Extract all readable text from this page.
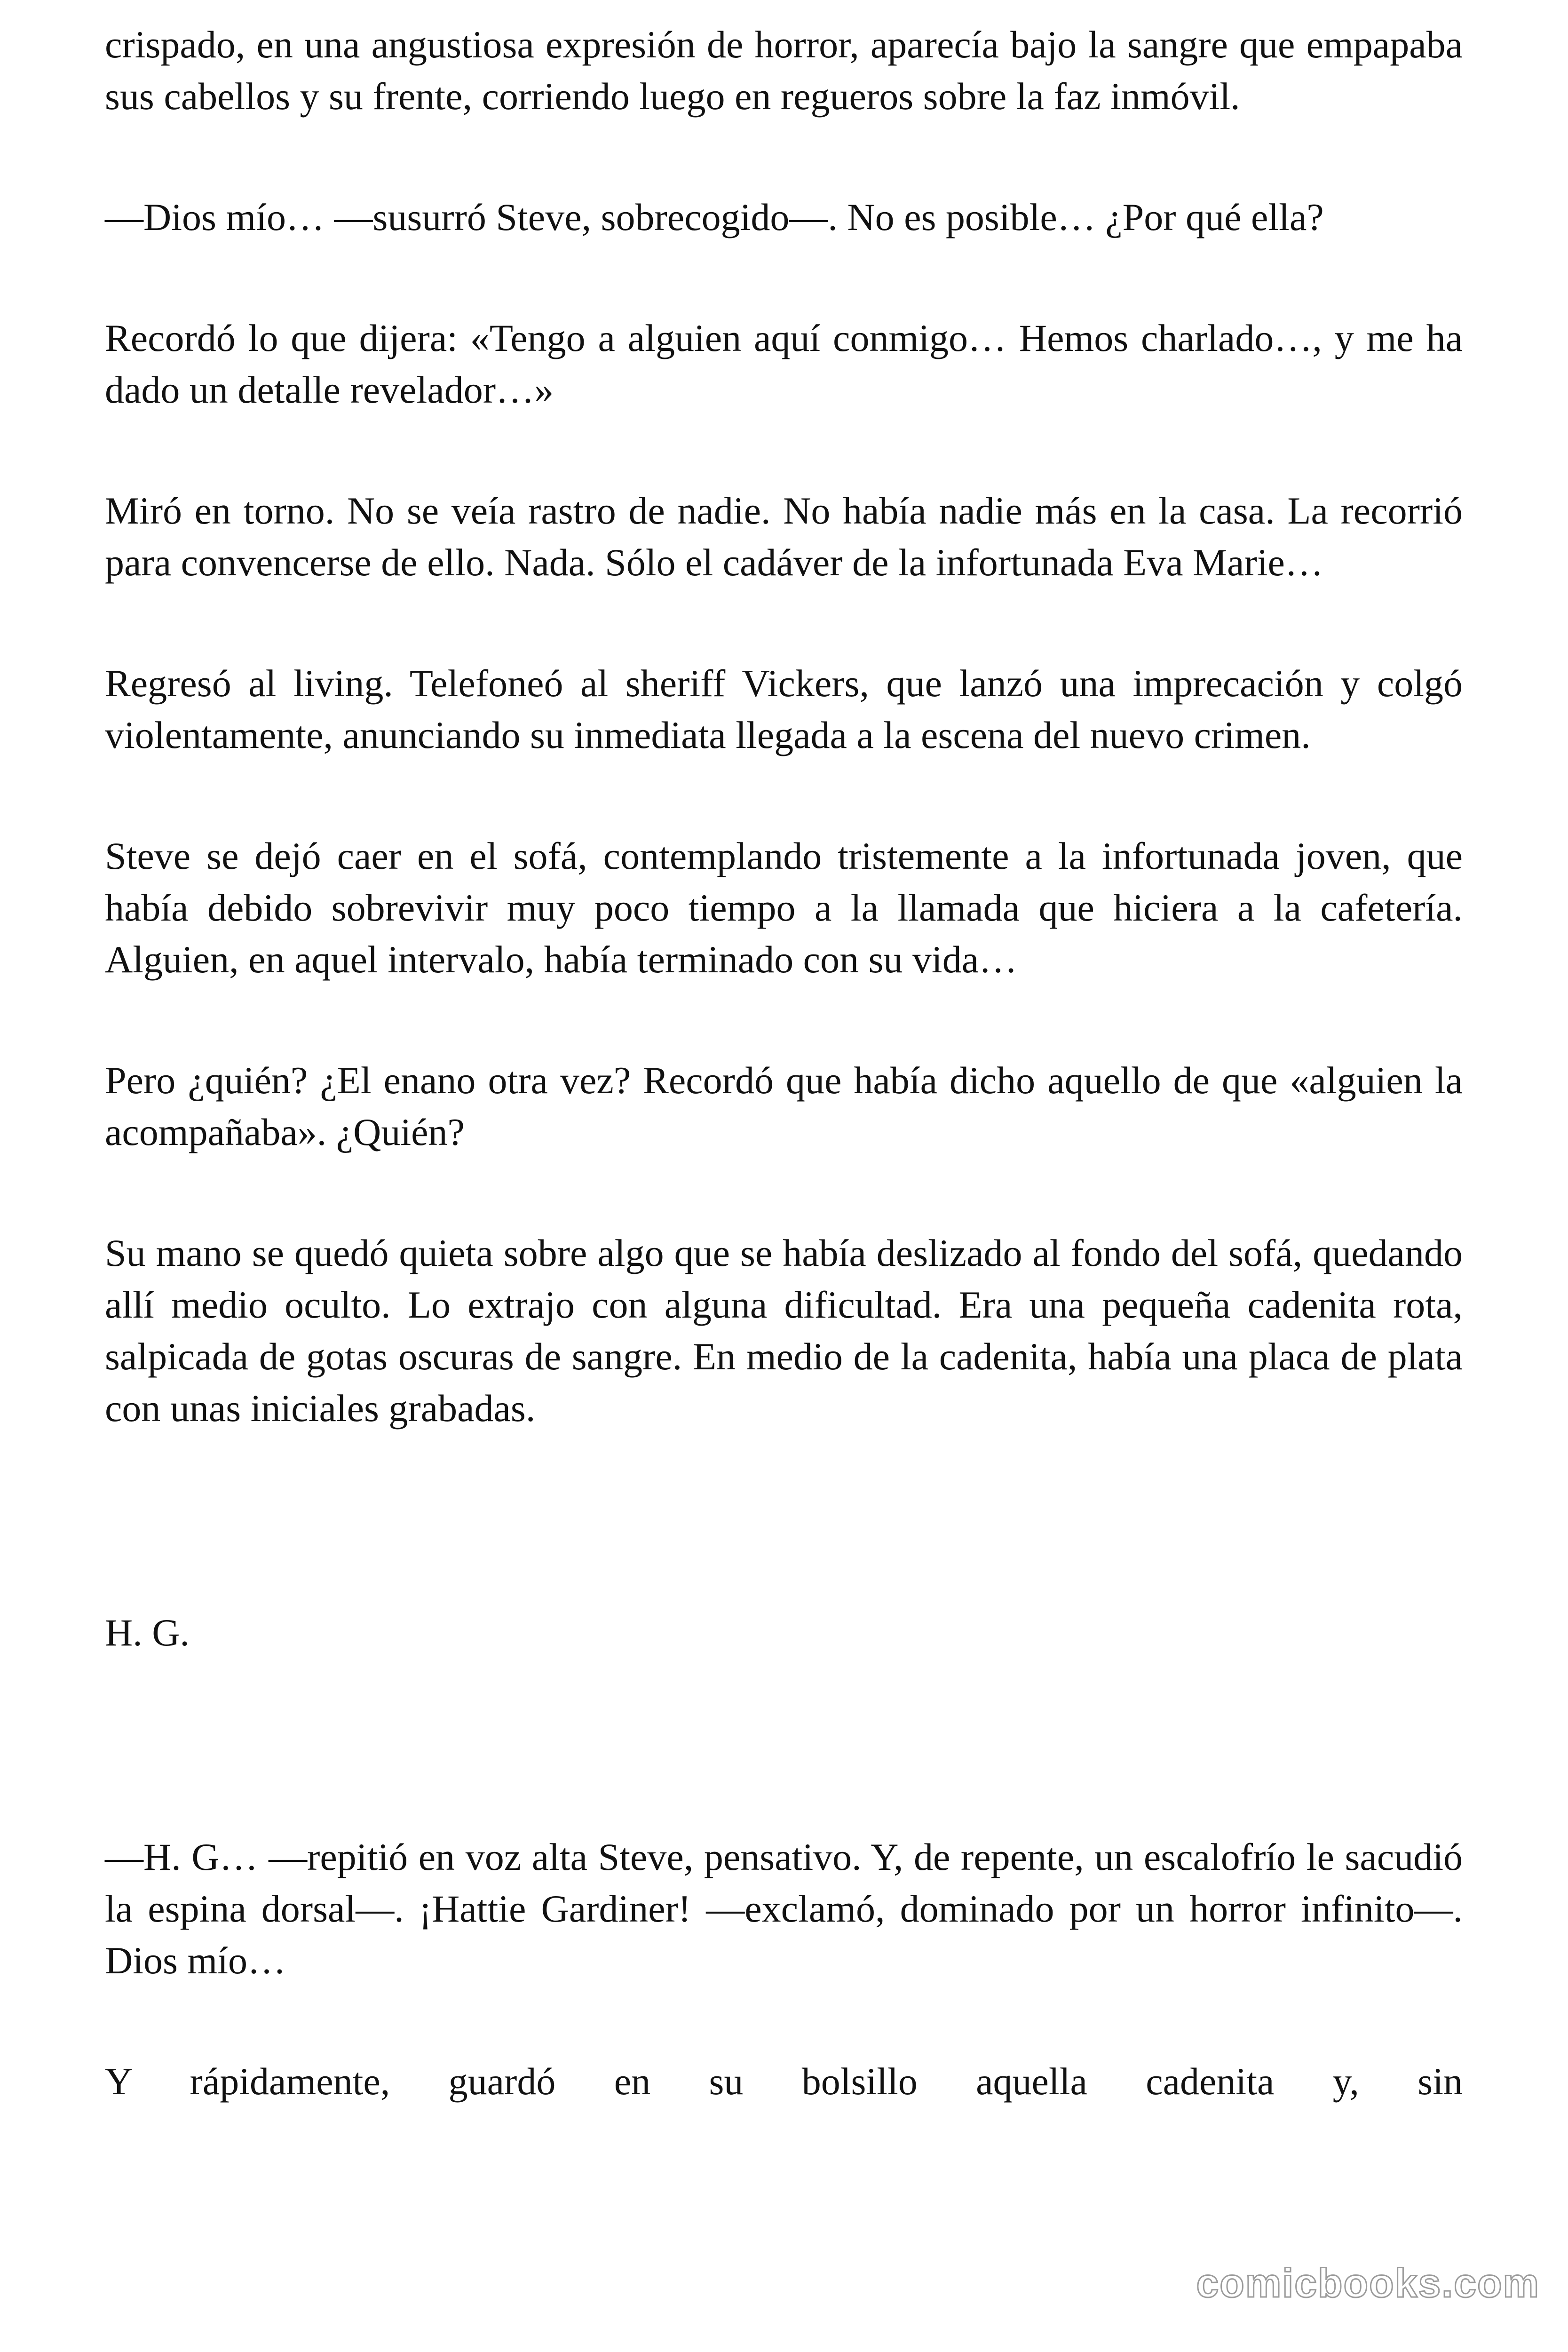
crispado, en una angustiosa expresión de horror, aparecía bajo la sangre que empapaba sus cabellos y su frente, corriendo luego en regueros sobre la faz inmóvil.

—Dios mío… —susurró Steve, sobrecogido—. No es posible… ¿Por qué ella?

Recordó lo que dijera: «Tengo a alguien aquí conmigo… Hemos charlado…, y me ha dado un detalle revelador…»

Miró en torno. No se veía rastro de nadie. No había nadie más en la casa. La recorrió para convencerse de ello. Nada. Sólo el cadáver de la infortunada Eva Marie…

Regresó al living. Telefoneó al sheriff Vickers, que lanzó una imprecación y colgó violentamente, anunciando su inmediata llegada a la escena del nuevo crimen.

Steve se dejó caer en el sofá, contemplando tristemente a la infortunada joven, que había debido sobrevivir muy poco tiempo a la llamada que hiciera a la cafetería. Alguien, en aquel intervalo, había terminado con su vida…

Pero ¿quién? ¿El enano otra vez? Recordó que había dicho aquello de que «alguien la acompañaba». ¿Quién?

Su mano se quedó quieta sobre algo que se había deslizado al fondo del sofá, quedando allí medio oculto. Lo extrajo con alguna dificultad. Era una pequeña cadenita rota, salpicada de gotas oscuras de sangre. En medio de la cadenita, había una placa de plata con unas iniciales grabadas.

H. G.

—H. G… —repitió en voz alta Steve, pensativo. Y, de repente, un escalofrío le sacudió la espina dorsal—. ¡Hattie Gardiner! —exclamó, dominado por un horror infinito—. Dios mío…

Y rápidamente, guardó en su bolsillo aquella cadenita y, sin

comicbooks.com
